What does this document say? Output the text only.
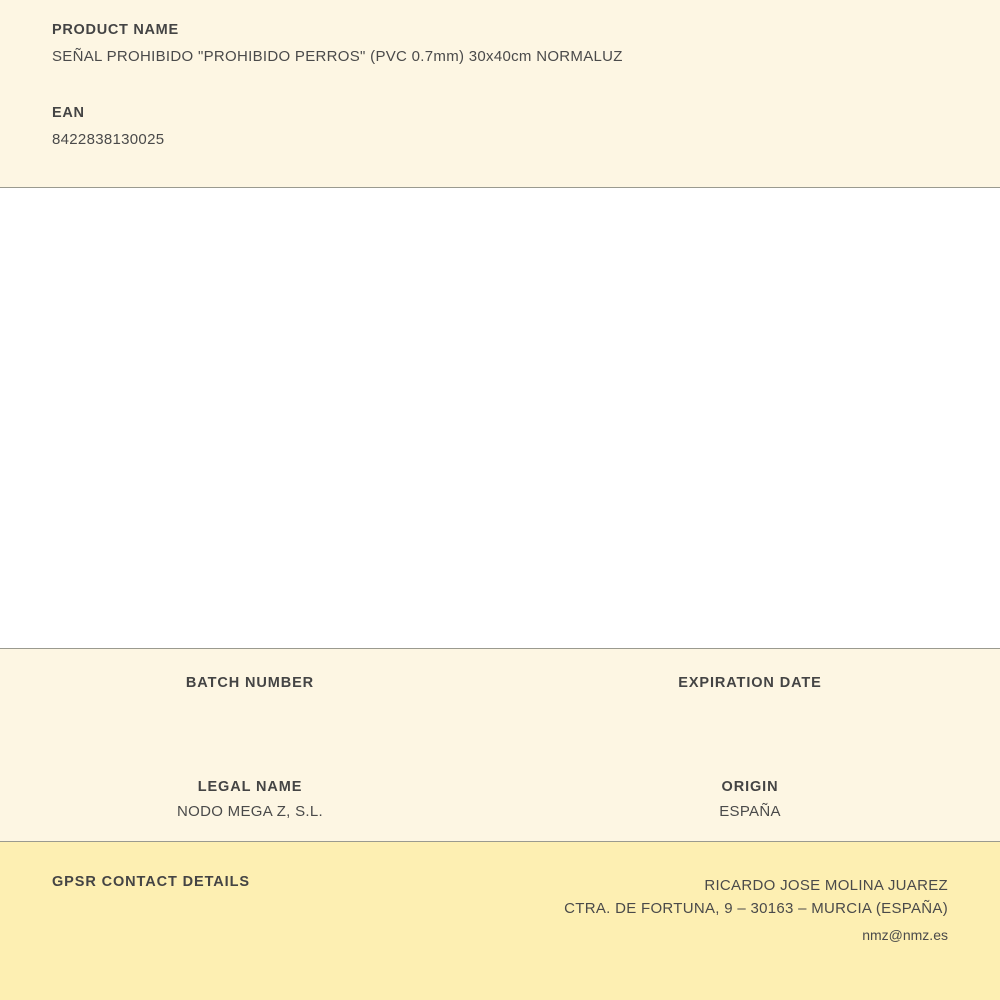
PRODUCT NAME

SEÑAL PROHIBIDO "PROHIBIDO PERROS" (PVC 0.7mm) 30x40cm NORMALUZ

EAN

8422838130025

BATCH NUMBER	EXPIRATION DATE

LEGAL NAME

NODO MEGA Z, S.L.

ORIGIN

ESPAÑA

GPSR CONTACT DETAILS	RICARDO JOSE MOLINA JUAREZ
CTRA. DE FORTUNA, 9 – 30163 – MURCIA (ESPAÑA)
nmz@nmz.es
